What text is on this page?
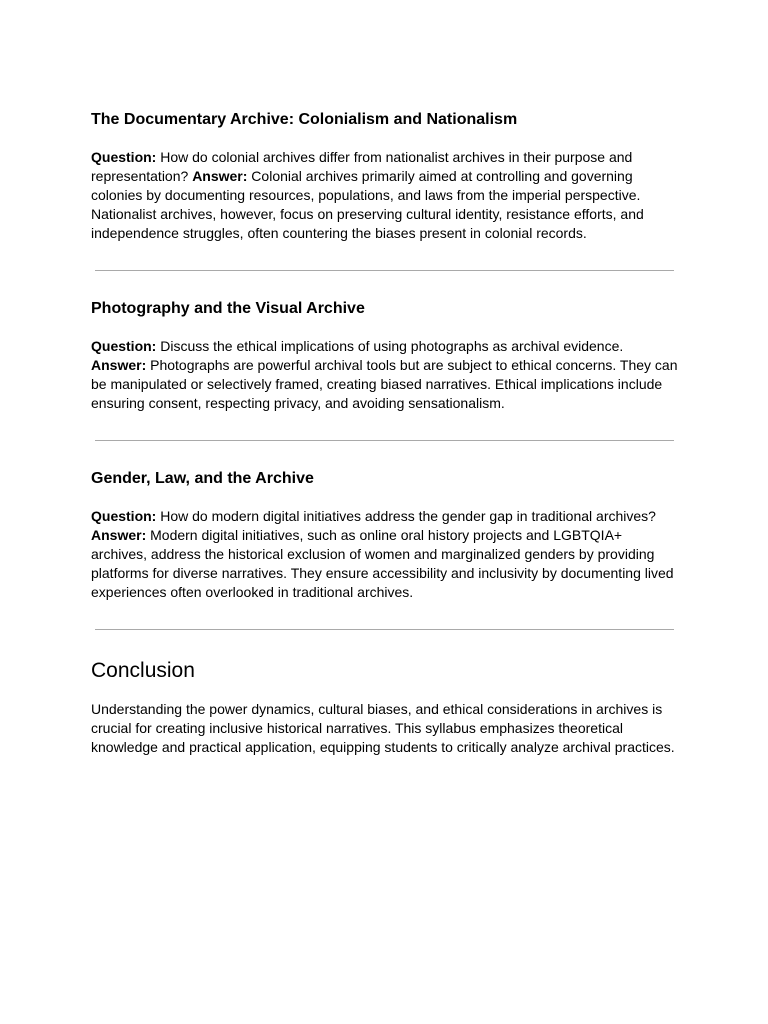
The Documentary Archive: Colonialism and Nationalism

Question: How do colonial archives differ from nationalist archives in their purpose and representation? Answer: Colonial archives primarily aimed at controlling and governing colonies by documenting resources, populations, and laws from the imperial perspective. Nationalist archives, however, focus on preserving cultural identity, resistance efforts, and independence struggles, often countering the biases present in colonial records.

Photography and the Visual Archive

Question: Discuss the ethical implications of using photographs as archival evidence. Answer: Photographs are powerful archival tools but are subject to ethical concerns. They can be manipulated or selectively framed, creating biased narratives. Ethical implications include ensuring consent, respecting privacy, and avoiding sensationalism.

Gender, Law, and the Archive

Question: How do modern digital initiatives address the gender gap in traditional archives?
Answer: Modern digital initiatives, such as online oral history projects and LGBTQIA+ archives, address the historical exclusion of women and marginalized genders by providing platforms for diverse narratives. They ensure accessibility and inclusivity by documenting lived experiences often overlooked in traditional archives.

Conclusion

Understanding the power dynamics, cultural biases, and ethical considerations in archives is crucial for creating inclusive historical narratives. This syllabus emphasizes theoretical knowledge and practical application, equipping students to critically analyze archival practices.
